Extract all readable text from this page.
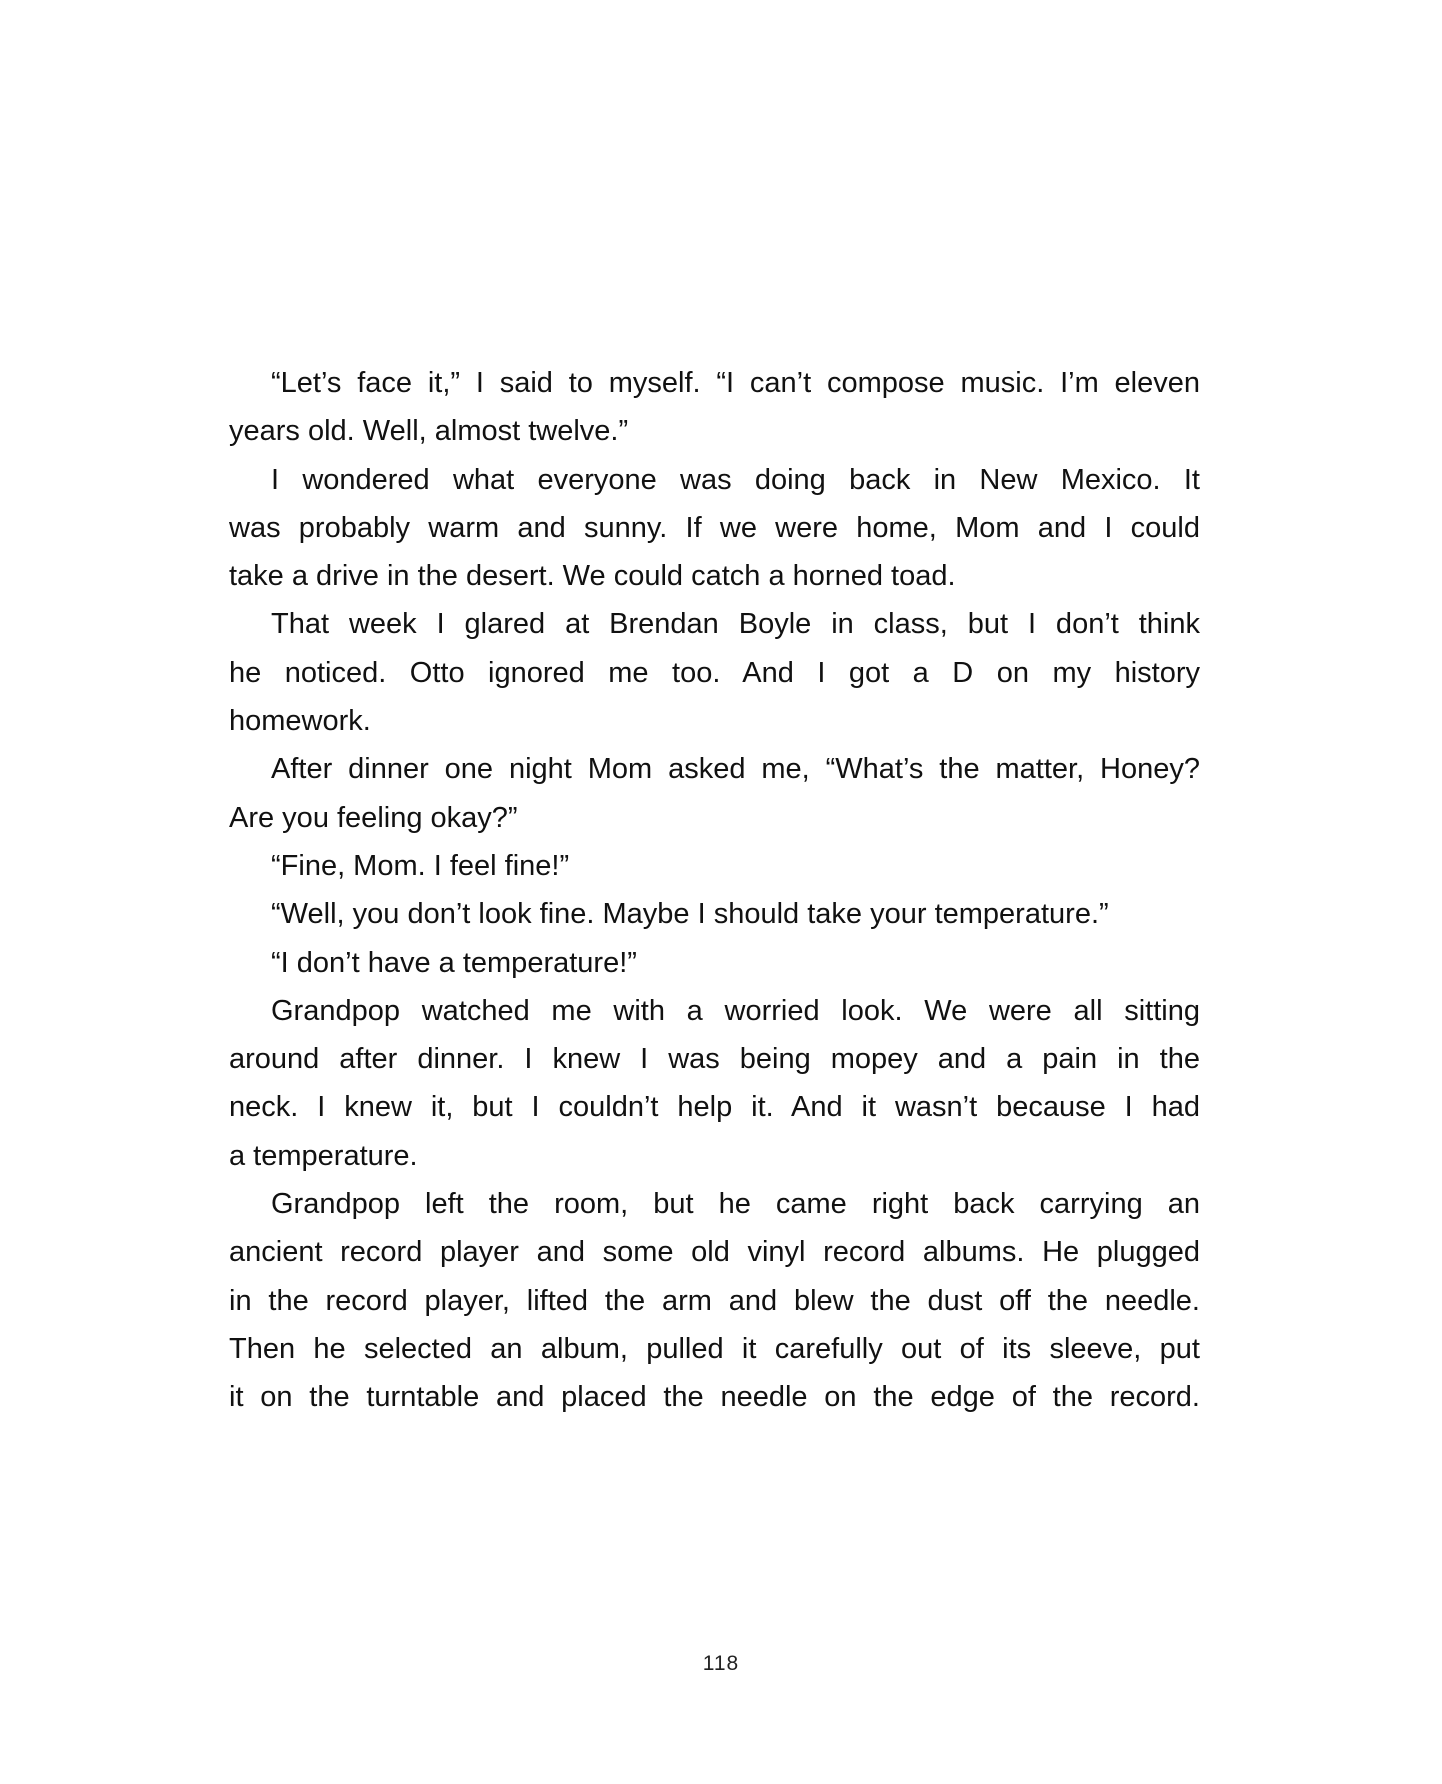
“Let’s face it,” I said to myself. “I can’t compose music. I’m eleven
years old. Well, almost twelve.”
I wondered what everyone was doing back in New Mexico. It
was probably warm and sunny. If we were home, Mom and I could
take a drive in the desert. We could catch a horned toad.
That week I glared at Brendan Boyle in class, but I don’t think
he noticed. Otto ignored me too. And I got a D on my history
homework.
After dinner one night Mom asked me, “What’s the matter, Honey?
Are you feeling okay?”
“Fine, Mom. I feel fine!”
“Well, you don’t look fine. Maybe I should take your temperature.”
“I don’t have a temperature!”
Grandpop watched me with a worried look. We were all sitting
around after dinner. I knew I was being mopey and a pain in the
neck. I knew it, but I couldn’t help it. And it wasn’t because I had
a temperature.
Grandpop left the room, but he came right back carrying an
ancient record player and some old vinyl record albums. He plugged
in the record player, lifted the arm and blew the dust off the needle.
Then he selected an album, pulled it carefully out of its sleeve, put
it on the turntable and placed the needle on the edge of the record.
118
